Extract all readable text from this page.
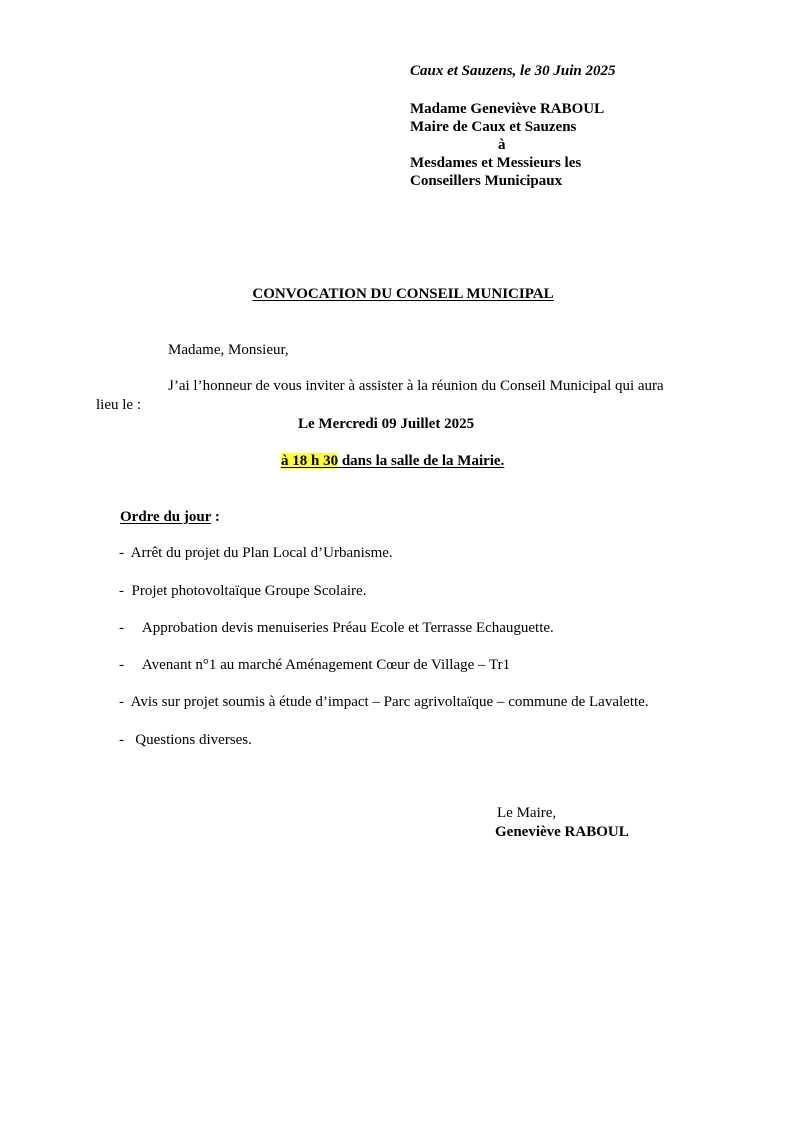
Caux et Sauzens, le 30 Juin 2025
Madame Geneviève RABOUL
Maire de Caux et Sauzens
à
Mesdames et Messieurs les
Conseillers Municipaux
CONVOCATION DU CONSEIL MUNICIPAL
Madame, Monsieur,
J’ai l’honneur de vous inviter à assister à la réunion du Conseil Municipal qui aura
lieu le :
Le Mercredi 09 Juillet 2025
à 18 h 30 dans la salle de la Mairie.
Ordre du jour :
-  Arrêt du projet du Plan Local d’Urbanisme.
-  Projet photovoltaïque Groupe Scolaire.
-     Approbation devis menuiseries Préau Ecole et Terrasse Echauguette.
-     Avenant n°1 au marché Aménagement Cœur de Village – Tr1
-  Avis sur projet soumis à étude d’impact – Parc agrivoltaïque – commune de Lavalette.
-   Questions diverses.
Le Maire,
Geneviève RABOUL
